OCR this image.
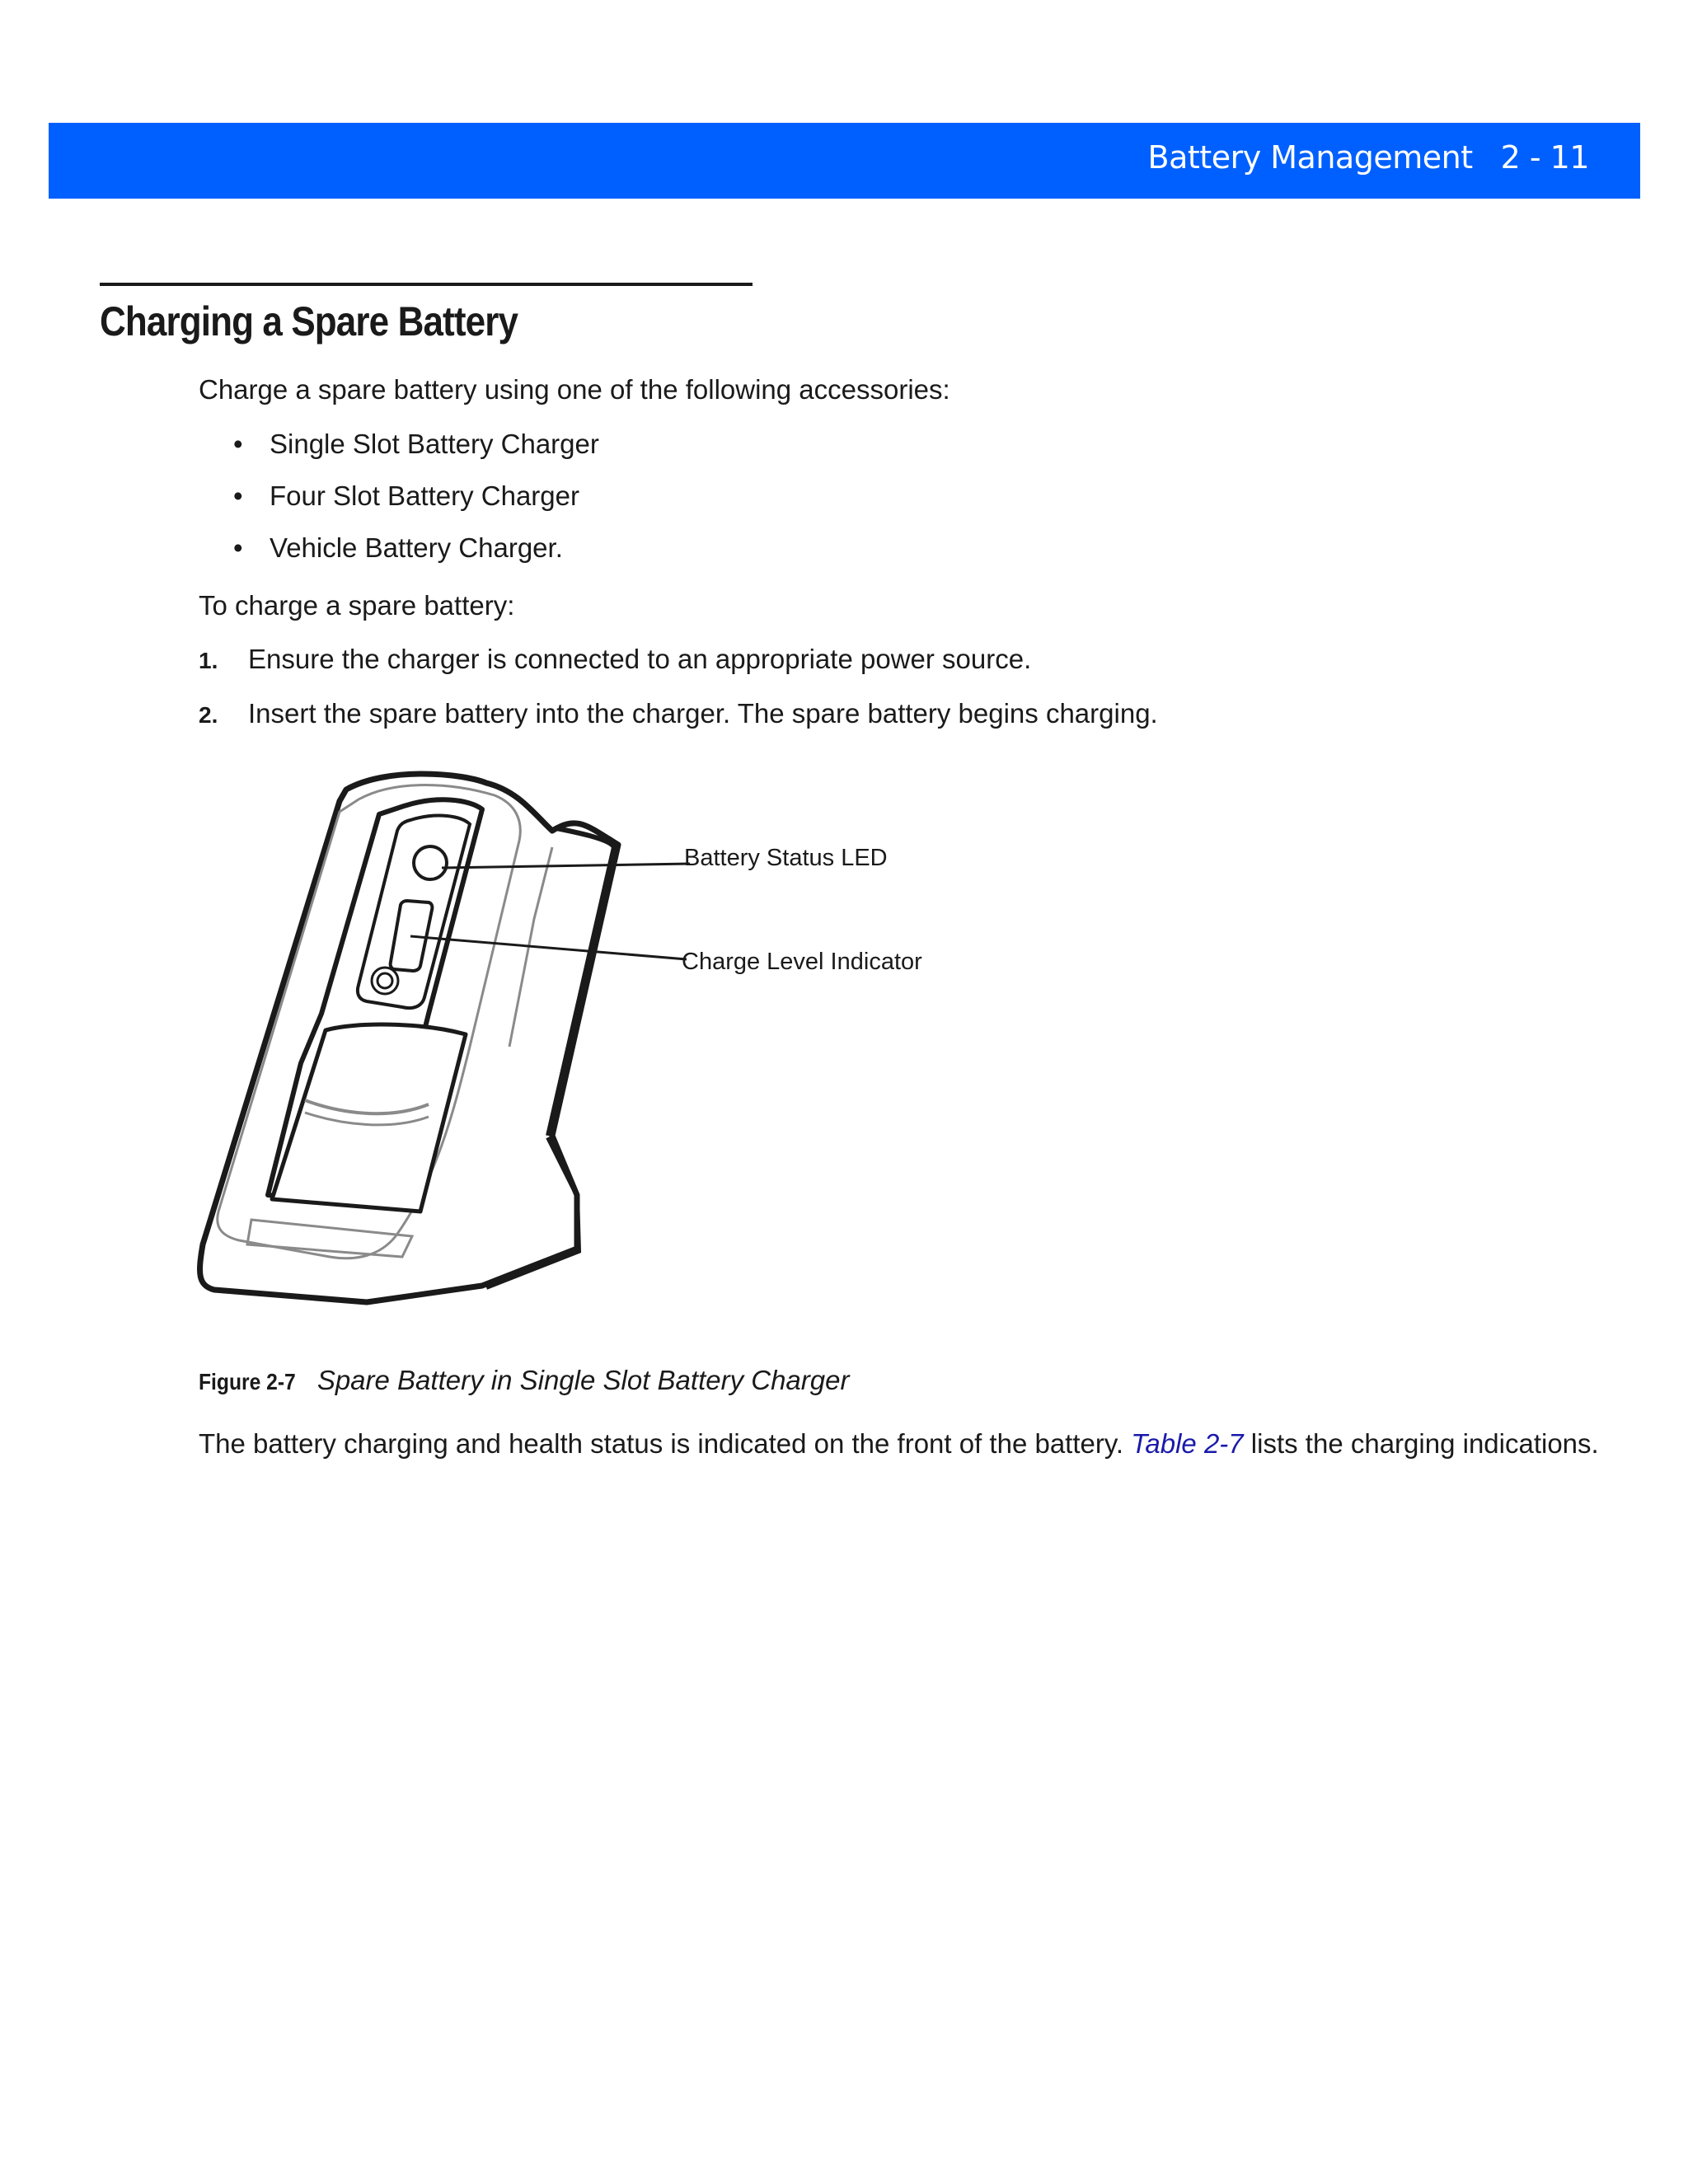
Battery Management 2 - 11
Charging a Spare Battery

Charge a spare battery using one of the following accessories:

• Single Slot Battery Charger
• Four Slot Battery Charger
• Vehicle Battery Charger.

To charge a spare battery:

1. Ensure the charger is connected to an appropriate power source.
2. Insert the spare battery into the charger. The spare battery begins charging.
Battery Status LED
Charge Level Indicator
Figure 2-7 Spare Battery in Single Slot Battery Charger

The battery charging and health status is indicated on the front of the battery. Table 2-7 lists the charging indications.
